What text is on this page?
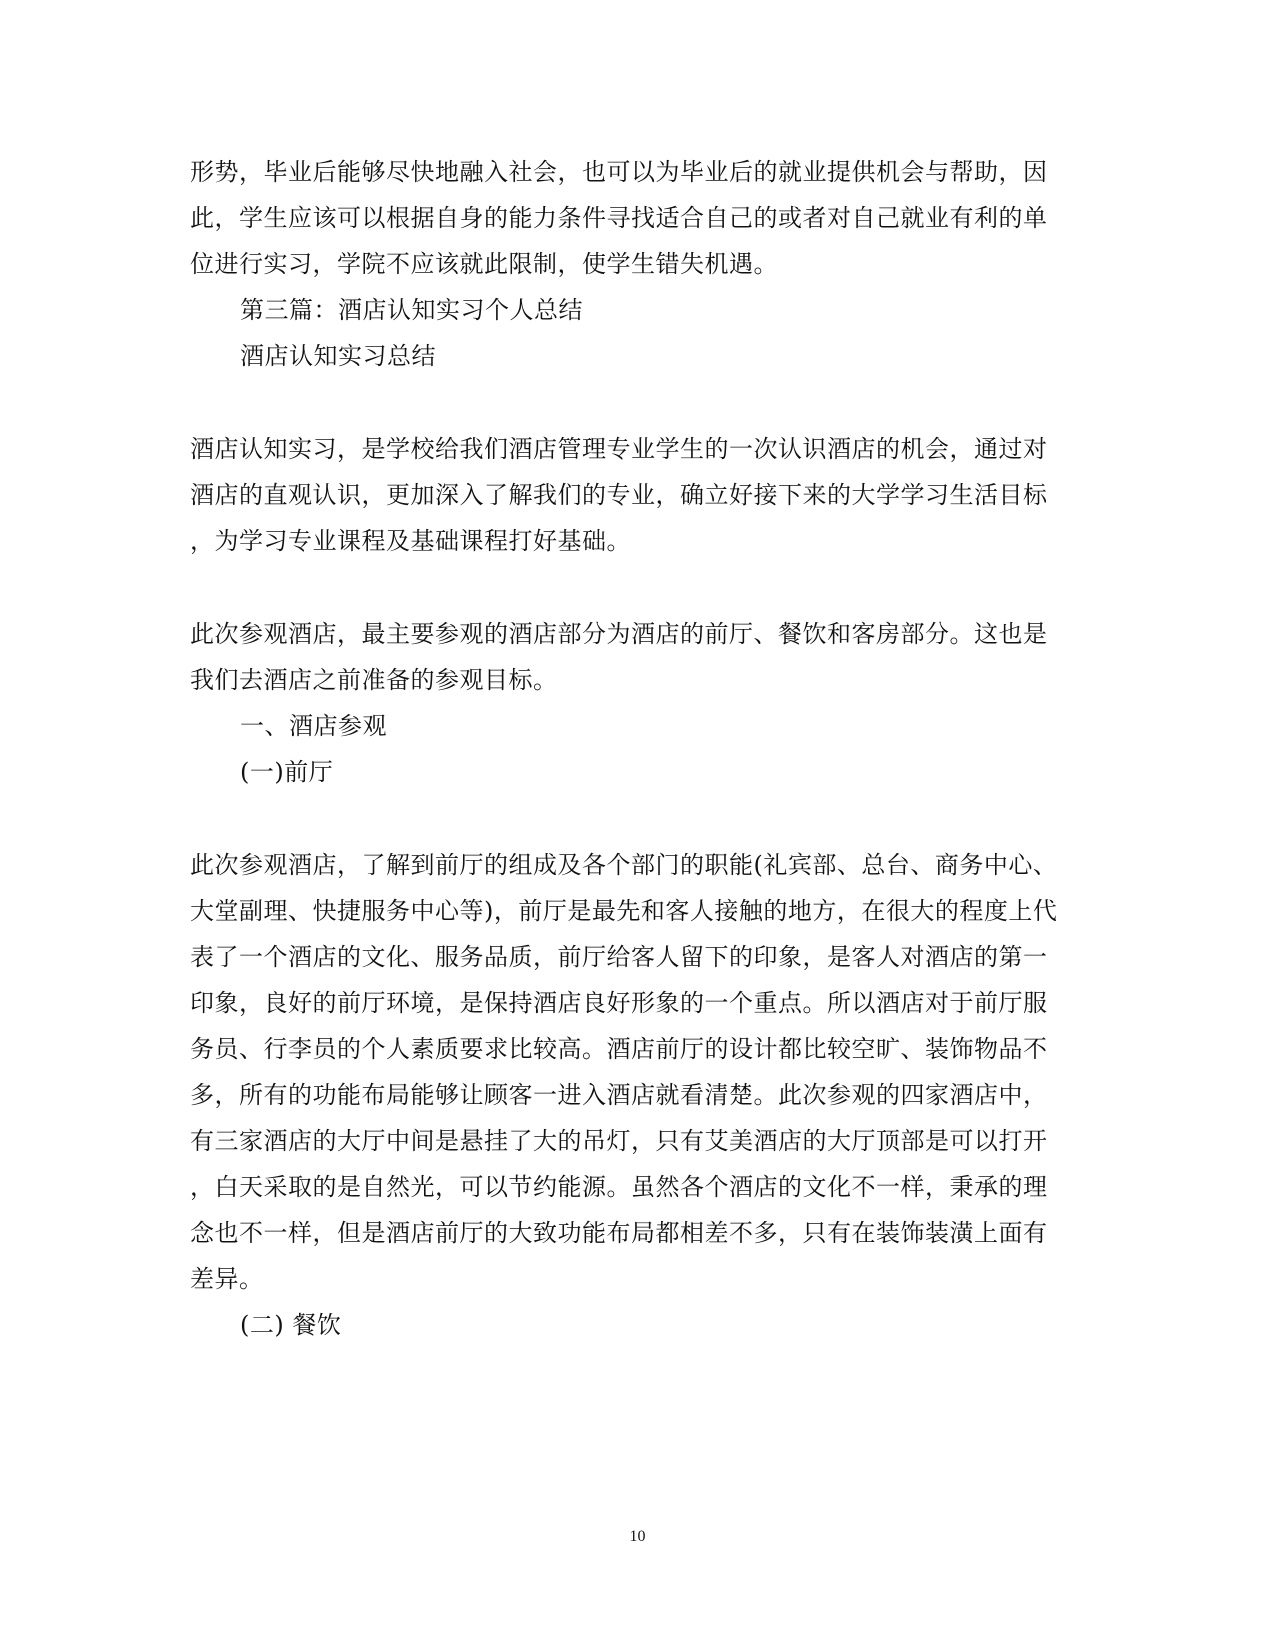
形势，毕业后能够尽快地融入社会，也可以为毕业后的就业提供机会与帮助，因
此，学生应该可以根据自身的能力条件寻找适合自己的或者对自己就业有利的单
位进行实习，学院不应该就此限制，使学生错失机遇。
第三篇：酒店认知实习个人总结
酒店认知实习总结
酒店认知实习，是学校给我们酒店管理专业学生的一次认识酒店的机会，通过对
酒店的直观认识，更加深入了解我们的专业，确立好接下来的大学学习生活目标
，为学习专业课程及基础课程打好基础。
此次参观酒店，最主要参观的酒店部分为酒店的前厅、餐饮和客房部分。这也是
我们去酒店之前准备的参观目标。
一、酒店参观
(一)前厅
此次参观酒店，了解到前厅的组成及各个部门的职能(礼宾部、总台、商务中心、
大堂副理、快捷服务中心等)，前厅是最先和客人接触的地方，在很大的程度上代
表了一个酒店的文化、服务品质，前厅给客人留下的印象，是客人对酒店的第一
印象，良好的前厅环境，是保持酒店良好形象的一个重点。所以酒店对于前厅服
务员、行李员的个人素质要求比较高。酒店前厅的设计都比较空旷、装饰物品不
多，所有的功能布局能够让顾客一进入酒店就看清楚。此次参观的四家酒店中，
有三家酒店的大厅中间是悬挂了大的吊灯，只有艾美酒店的大厅顶部是可以打开
，白天采取的是自然光，可以节约能源。虽然各个酒店的文化不一样，秉承的理
念也不一样，但是酒店前厅的大致功能布局都相差不多，只有在装饰装潢上面有
差异。
(二) 餐饮
10
